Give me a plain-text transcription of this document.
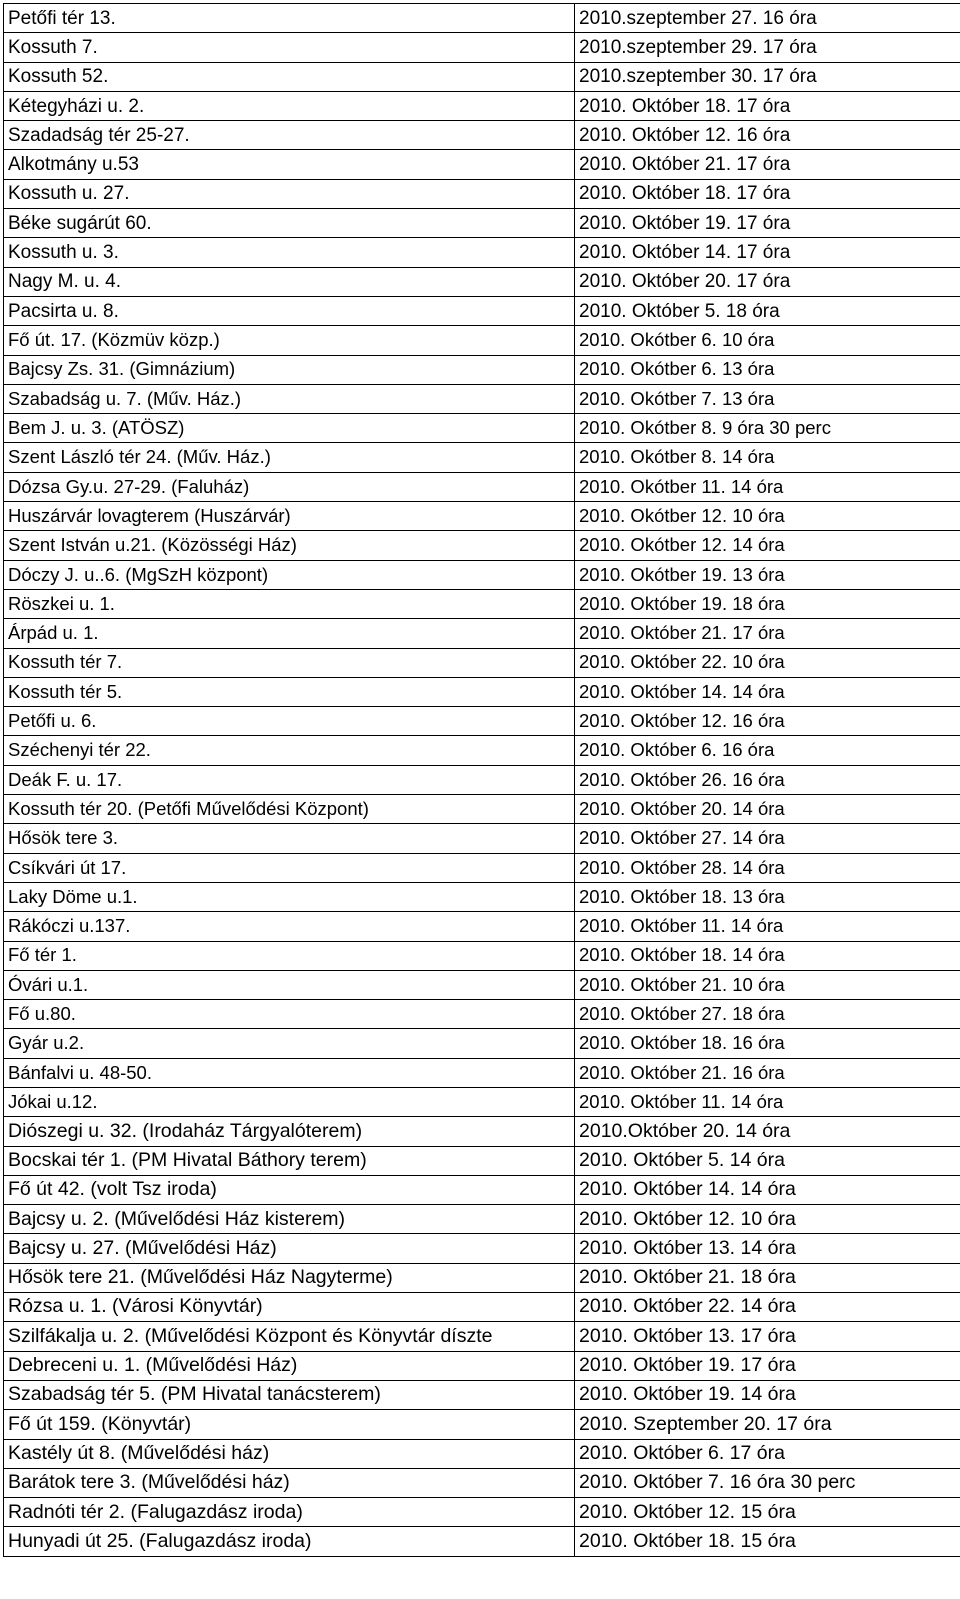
Petőfi tér 13.	2010.szeptember 27. 16 óra
Kossuth 7.	2010.szeptember 29. 17 óra
Kossuth 52.	2010.szeptember 30. 17 óra
Kétegyházi u. 2.	2010. Október 18. 17 óra
Szadadság tér 25-27.	2010. Október 12. 16 óra
Alkotmány u.53	2010. Október 21. 17 óra
Kossuth u. 27.	2010. Október 18. 17 óra
Béke sugárút 60.	2010. Október 19. 17 óra
Kossuth u. 3.	2010. Október 14. 17 óra
Nagy M. u. 4.	2010. Október 20. 17 óra
Pacsirta u. 8.	2010. Október 5. 18 óra
Fő út. 17. (Közmüv közp.)	2010. Okótber 6. 10 óra
Bajcsy Zs. 31. (Gimnázium)	2010. Okótber 6. 13 óra
Szabadság u. 7. (Műv. Ház.)	2010. Okótber 7. 13 óra
Bem J. u. 3. (ATÖSZ)	2010. Okótber 8. 9 óra 30 perc
Szent László tér 24. (Műv. Ház.)	2010. Okótber 8. 14 óra
Dózsa Gy.u. 27-29. (Faluház)	2010. Okótber 11. 14 óra
Huszárvár lovagterem (Huszárvár)	2010. Okótber 12. 10 óra
Szent István u.21. (Közösségi Ház)	2010. Okótber 12. 14 óra
Dóczy J. u..6. (MgSzH központ)	2010. Okótber 19. 13 óra
Röszkei u. 1.	2010. Október 19. 18 óra
Árpád u. 1.	2010. Október 21. 17 óra
Kossuth tér 7.	2010. Október 22. 10 óra
Kossuth tér 5.	2010. Október 14. 14 óra
Petőfi u. 6.	2010. Október 12. 16 óra
Széchenyi tér 22.	2010. Október 6. 16 óra
Deák F. u. 17.	2010. Október 26. 16 óra
Kossuth tér 20. (Petőfi Művelődési Központ)	2010. Október 20. 14 óra
Hősök tere 3.	2010. Október 27. 14 óra
Csíkvári út 17.	2010. Október 28. 14 óra
Laky Döme u.1.	2010. Október 18. 13 óra
Rákóczi u.137.	2010. Október 11. 14 óra
Fő tér 1.	2010. Október 18. 14 óra
Óvári u.1.	2010. Október 21. 10 óra
Fő u.80.	2010. Október 27. 18 óra
Gyár u.2.	2010. Október 18. 16 óra
Bánfalvi u. 48-50.	2010. Október 21. 16 óra
Jókai u.12.	2010. Október 11. 14 óra
Diószegi u. 32. (Irodaház Tárgyalóterem)	2010.Október 20. 14 óra
Bocskai tér 1. (PM Hivatal Báthory terem)	2010. Október 5. 14 óra
Fő út 42. (volt Tsz iroda)	2010. Október 14. 14 óra
Bajcsy u. 2. (Művelődési Ház kisterem)	2010. Október 12. 10 óra
Bajcsy u. 27. (Művelődési Ház)	2010. Október 13. 14 óra
Hősök tere 21. (Művelődési Ház Nagyterme)	2010. Október 21. 18 óra
Rózsa u. 1. (Városi Könyvtár)	2010. Október 22. 14 óra
Szilfákalja u. 2. (Művelődési Központ és Könyvtár díszte	2010. Október 13. 17 óra
Debreceni u. 1. (Művelődési Ház)	2010. Október 19. 17 óra
Szabadság tér 5. (PM Hivatal tanácsterem)	2010. Október 19. 14 óra
Fő út 159. (Könyvtár)	2010. Szeptember 20. 17 óra
Kastély út 8. (Művelődési ház)	2010. Október 6. 17 óra
Barátok tere 3. (Művelődési ház)	2010. Október 7. 16 óra 30 perc
Radnóti tér 2. (Falugazdász iroda)	2010. Október 12. 15 óra
Hunyadi út 25. (Falugazdász iroda)	2010. Október 18. 15 óra
